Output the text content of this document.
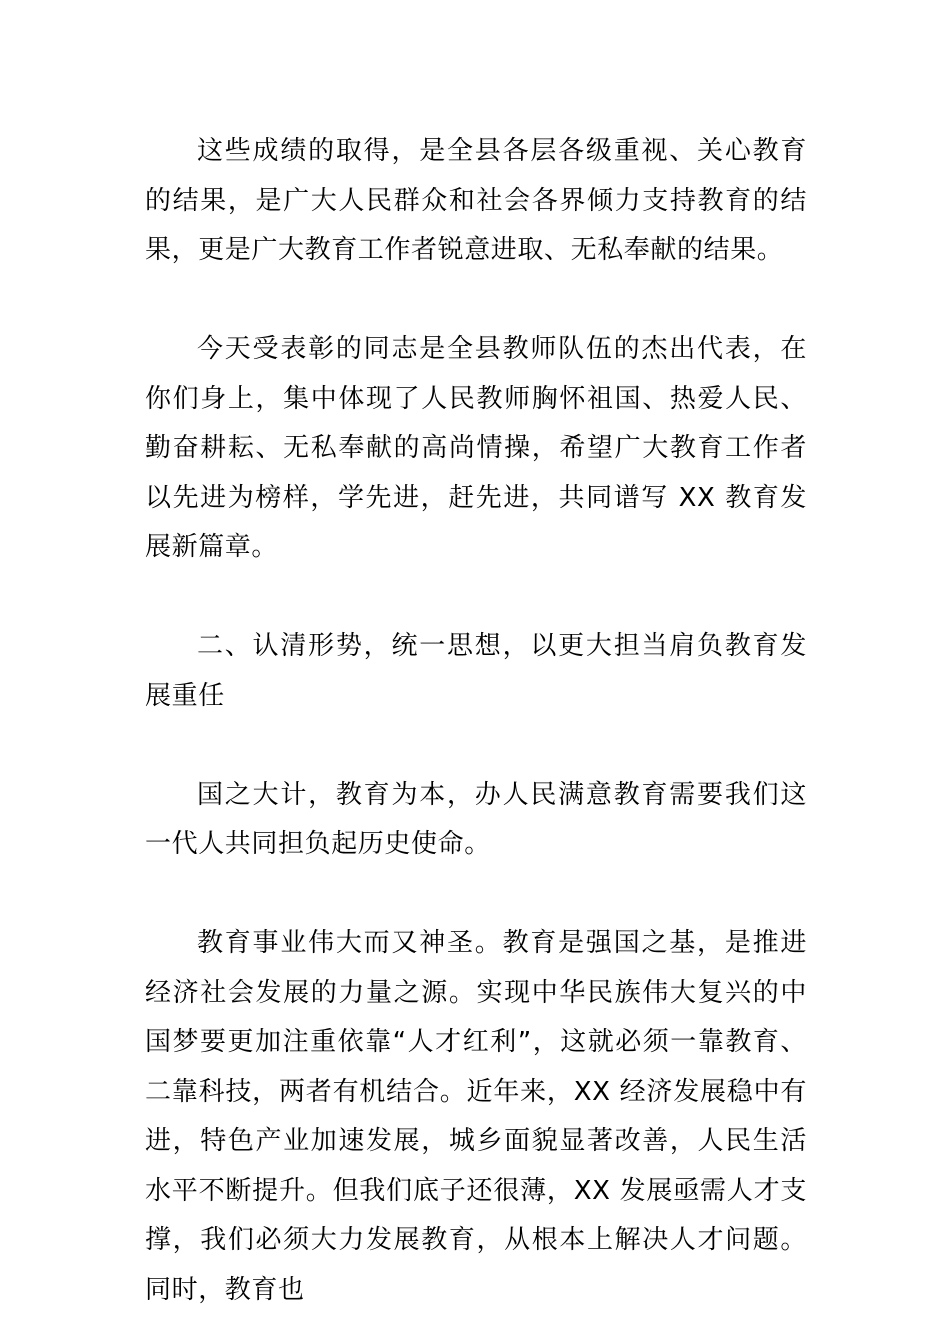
这些成绩的取得，是全县各层各级重视、关心教育的结果，是广大人民群众和社会各界倾力支持教育的结果，更是广大教育工作者锐意进取、无私奉献的结果。

今天受表彰的同志是全县教师队伍的杰出代表，在你们身上，集中体现了人民教师胸怀祖国、热爱人民、勤奋耕耘、无私奉献的高尚情操，希望广大教育工作者以先进为榜样，学先进，赶先进，共同谱写 XX 教育发展新篇章。

二、认清形势，统一思想，以更大担当肩负教育发展重任

国之大计，教育为本，办人民满意教育需要我们这一代人共同担负起历史使命。

教育事业伟大而又神圣。教育是强国之基，是推进经济社会发展的力量之源。实现中华民族伟大复兴的中国梦要更加注重依靠“人才红利”，这就必须一靠教育、二靠科技，两者有机结合。近年来，XX 经济发展稳中有进，特色产业加速发展，城乡面貌显著改善，人民生活水平不断提升。但我们底子还很薄，XX 发展亟需人才支撑，我们必须大力发展教育，从根本上解决人才问题。同时，教育也
